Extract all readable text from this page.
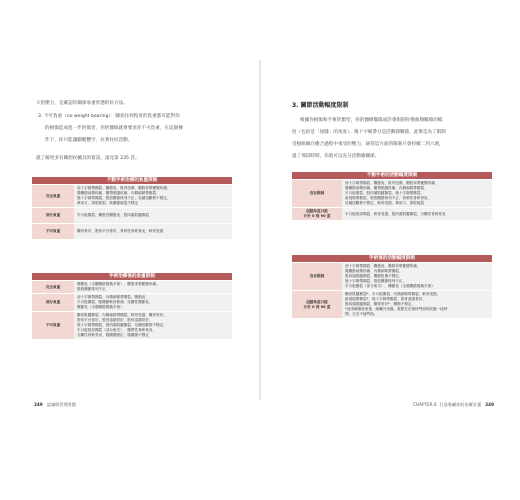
大的壓力，是確認你關節承重狀態的好方法。
3. 不可負重（no weight bearing）：腳扣任何程度的負重都可能對你
的損傷造成進一步的傷害，你的醫師就會要求你不可負重，在這個傳
件下，你只能讓腳腿懸空，拄著柱杖活動。
就了解更多有關拐杖輔具的資訊，請見第 235 頁。
不動手術治療的負重限制	
完全負重	前十字韌帶撕裂、關節炎、肌肉扭傷、髖股率帶應變疼痛、
膝關節前側疼痛、髖帶肌腱疼痛、內側副韌帶撕裂、
後十字韌帶撕裂、股股關節排列不正、足踵扭斷筋不穩定、
萬用方、滑腔破裂、軟關節破裂不穩定

部分負重	半月板撕裂、髕股性關節炎、股四頭肌腱撕裂

不可負重	髕骨骨折、脛骨平台骨折、骨幹性骨軟骨炎、軟骨受損
手術治療後的負重限制	
完全負重	關節炎（全髖關節置換手術）、髖股率帶應變疼痛、
股股關節排列不正

部分負重	前十字韌帶撕裂、內側副韌帶撕裂、關節炎、
半月板撕裂、膝關節軟骨修補、化膿性關節炎、
關節炎（全膝關節置換手術）

不可負重	髕骨肌腱撕裂、內側副韌帶撕裂、軟骨受損、髕骨骨折、
脛骨平台骨折、股骨遠端骨折、股骨遠端骨折、
後十字韌帶撕裂、股四頭肌腱撕裂、足踵扭斷筋不穩定、
半月板根部撕裂（部分術式）、髖帶性骨軟骨炎、
分離性骨軟骨炎、膝關節脫位、膝關節不穩定
249 認識與管理骨骼
3. 關節活動幅度限制
根據你損傷和手術的類型，你的醫療團隊或許會限制你彎曲膝關節的幅
度（包括是「屈膝」的角度）。後十字韌帶分是活動膝關節，此舉是為了限制
受損組織在癒合過程中承受的壓力，通常這方面的限制只會持續二到六週，
過了那段時間，你就可以充分活動膝關節。
不動手術的活動幅度限制	
沒有限制	前十字韌帶撕裂、關節炎、肌肉扭傷、髖股率帶應變疼痛、
膝關節前側疼痛、髖帶肌腱疼痛、內側副韌帶撕裂、
半月板撕裂、股四頭肌腱撕裂、後十字韌帶撕裂、
新展韌帶撕裂、股股關節排列不正、骨幹性骨軟骨炎、
足踵扭斷筋不穩定、軟骨受損、萬用方、滑腔破裂

屈膝角度只能
介於 0 到 90 度	半月板根部撕裂、軟骨受損、股四頭肌腱撕裂、分離性骨軟骨炎
手術後的活動幅度限制	
沒有限制	前十字韌帶撕裂、關節炎、髖股率帶應變疼痛、
膝關節前側疼痛、內側副韌帶撕裂、
股四頭肌腱撕裂、關節扭傷不穩定、
後十字韌帶撕裂、股股關節排列不正、
半月板撕裂（部分術式）、關節炎（全膝關節置換手術）

屈膝角度只能
介於 0 到 90 度	髕骨肌腱撕裂*、半月板撕裂、內側副韌帶撕裂、軟骨受損、
新展韌帶撕裂*、後十字韌帶撕裂、股骨遠端骨折、
股四頭肌腱撕裂、髕骨骨折*、關節不穩定、
*這兩種傷害術後：胰臟外用器，重點在於保持彎曲的狀態一段時
間，完全不能彎曲。
CHAPTER 6 打造專屬你的治療計畫 249
